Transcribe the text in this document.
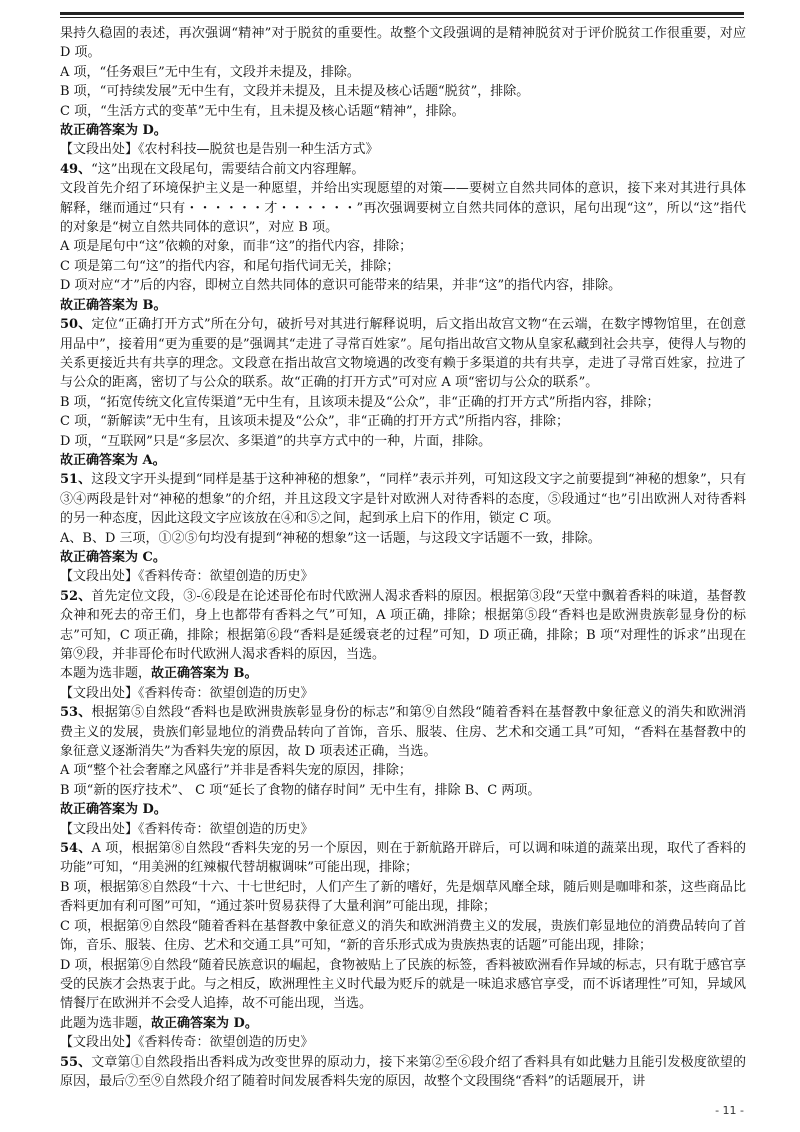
果持久稳固的表述，再次强调“精神”对于脱贫的重要性。故整个文段强调的是精神脱贫对于评价脱贫工作很重要，对应 D 项。

A 项，“任务艰巨”无中生有，文段并未提及，排除。

B 项，“可持续发展”无中生有，文段并未提及，且未提及核心话题“脱贫”，排除。

C 项，“生活方式的变革”无中生有，且未提及核心话题“精神”，排除。

故正确答案为 D。

【文段出处】《农村科技—脱贫也是告别一种生活方式》

49、“这”出现在文段尾句，需要结合前文内容理解。

文段首先介绍了环境保护主义是一种愿望，并给出实现愿望的对策——要树立自然共同体的意识，接下来对其进行具体解释，继而通过“只有・・・・・・才・・・・・・”再次强调要树立自然共同体的意识，尾句出现“这”，所以“这”指代的对象是“树立自然共同体的意识”，对应 B 项。

A 项是尾句中“这”依赖的对象，而非“这”的指代内容，排除；

C 项是第二句“这”的指代内容，和尾句指代词无关，排除；

D 项对应“才”后的内容，即树立自然共同体的意识可能带来的结果，并非“这”的指代内容，排除。

故正确答案为 B。

50、定位“正确打开方式”所在分句，破折号对其进行解释说明，后文指出故宫文物“在云端，在数字博物馆里，在创意用品中”，接着用“更为重要的是”强调其“走进了寻常百姓家”。尾句指出故宫文物从皇家私藏到社会共享，使得人与物的关系更接近共有共享的理念。文段意在指出故宫文物境遇的改变有赖于多渠道的共有共享，走进了寻常百姓家，拉进了与公众的距离，密切了与公众的联系。故“正确的打开方式”可对应 A 项“密切与公众的联系”。

B 项，“拓宽传统文化宣传渠道”无中生有，且该项未提及“公众”，非“正确的打开方式”所指内容，排除；

C 项，“新解读”无中生有，且该项未提及“公众”，非“正确的打开方式”所指内容，排除；

D 项，“互联网”只是“多层次、多渠道”的共享方式中的一种，片面，排除。

故正确答案为 A。

51、这段文字开头提到“同样是基于这种神秘的想象”，“同样”表示并列，可知这段文字之前要提到“神秘的想象”，只有③④两段是针对“神秘的想象”的介绍，并且这段文字是针对欧洲人对待香料的态度，⑤段通过“也”引出欧洲人对待香料的另一种态度，因此这段文字应该放在④和⑤之间，起到承上启下的作用，锁定 C 项。

A、B、D 三项，①②⑤句均没有提到“神秘的想象”这一话题，与这段文字话题不一致，排除。

故正确答案为 C。

【文段出处】《香料传奇：欲望创造的历史》

52、首先定位文段，③-⑥段是在论述哥伦布时代欧洲人渴求香料的原因。根据第③段“天堂中飘着香料的味道，基督教众神和死去的帝王们，身上也都带有香料之气”可知，A 项正确，排除；根据第⑤段“香料也是欧洲贵族彰显身份的标志”可知，C 项正确，排除；根据第⑥段“香料是延缓衰老的过程”可知，D 项正确，排除；B 项“对理性的诉求”出现在第⑨段，并非哥伦布时代欧洲人渴求香料的原因，当选。

本题为选非题，故正确答案为 B。

【文段出处】《香料传奇：欲望创造的历史》

53、根据第⑤自然段“香料也是欧洲贵族彰显身份的标志”和第⑨自然段“随着香料在基督教中象征意义的消失和欧洲消费主义的发展，贵族们彰显地位的消费品转向了首饰，音乐、服装、住房、艺术和交通工具”可知，“香料在基督教中的象征意义逐渐消失”为香料失宠的原因，故 D 项表述正确，当选。

A 项“整个社会奢靡之风盛行”并非是香料失宠的原因，排除；

B 项“新的医疗技术”、 C 项“延长了食物的储存时间” 无中生有，排除 B、C 两项。

故正确答案为 D。

【文段出处】《香料传奇：欲望创造的历史》

54、A 项，根据第⑧自然段“香料失宠的另一个原因，则在于新航路开辟后，可以调和味道的蔬菜出现，取代了香料的功能”可知，“用美洲的红辣椒代替胡椒调味”可能出现，排除；

B 项，根据第⑧自然段“十六、十七世纪时，人们产生了新的嗜好，先是烟草风靡全球，随后则是咖啡和茶，这些商品比香料更加有利可图”可知，“通过茶叶贸易获得了大量利润”可能出现，排除；

C 项，根据第⑨自然段“随着香料在基督教中象征意义的消失和欧洲消费主义的发展，贵族们彰显地位的消费品转向了首饰，音乐、服装、住房、艺术和交通工具”可知，“新的音乐形式成为贵族热衷的话题”可能出现，排除；

D 项，根据第⑨自然段“随着民族意识的崛起，食物被贴上了民族的标签，香料被欧洲看作异域的标志，只有耽于感官享受的民族才会热衷于此。与之相反，欧洲理性主义时代最为贬斥的就是一味追求感官享受，而不诉诸理性”可知，异域风情餐厅在欧洲并不会受人追捧，故不可能出现，当选。

此题为选非题，故正确答案为 D。

【文段出处】《香料传奇：欲望创造的历史》

55、文章第①自然段指出香料成为改变世界的原动力，接下来第②至⑥段介绍了香料具有如此魅力且能引发极度欲望的原因，最后⑦至⑨自然段介绍了随着时间发展香料失宠的原因，故整个文段围绕“香料”的话题展开，讲

- 11 -
